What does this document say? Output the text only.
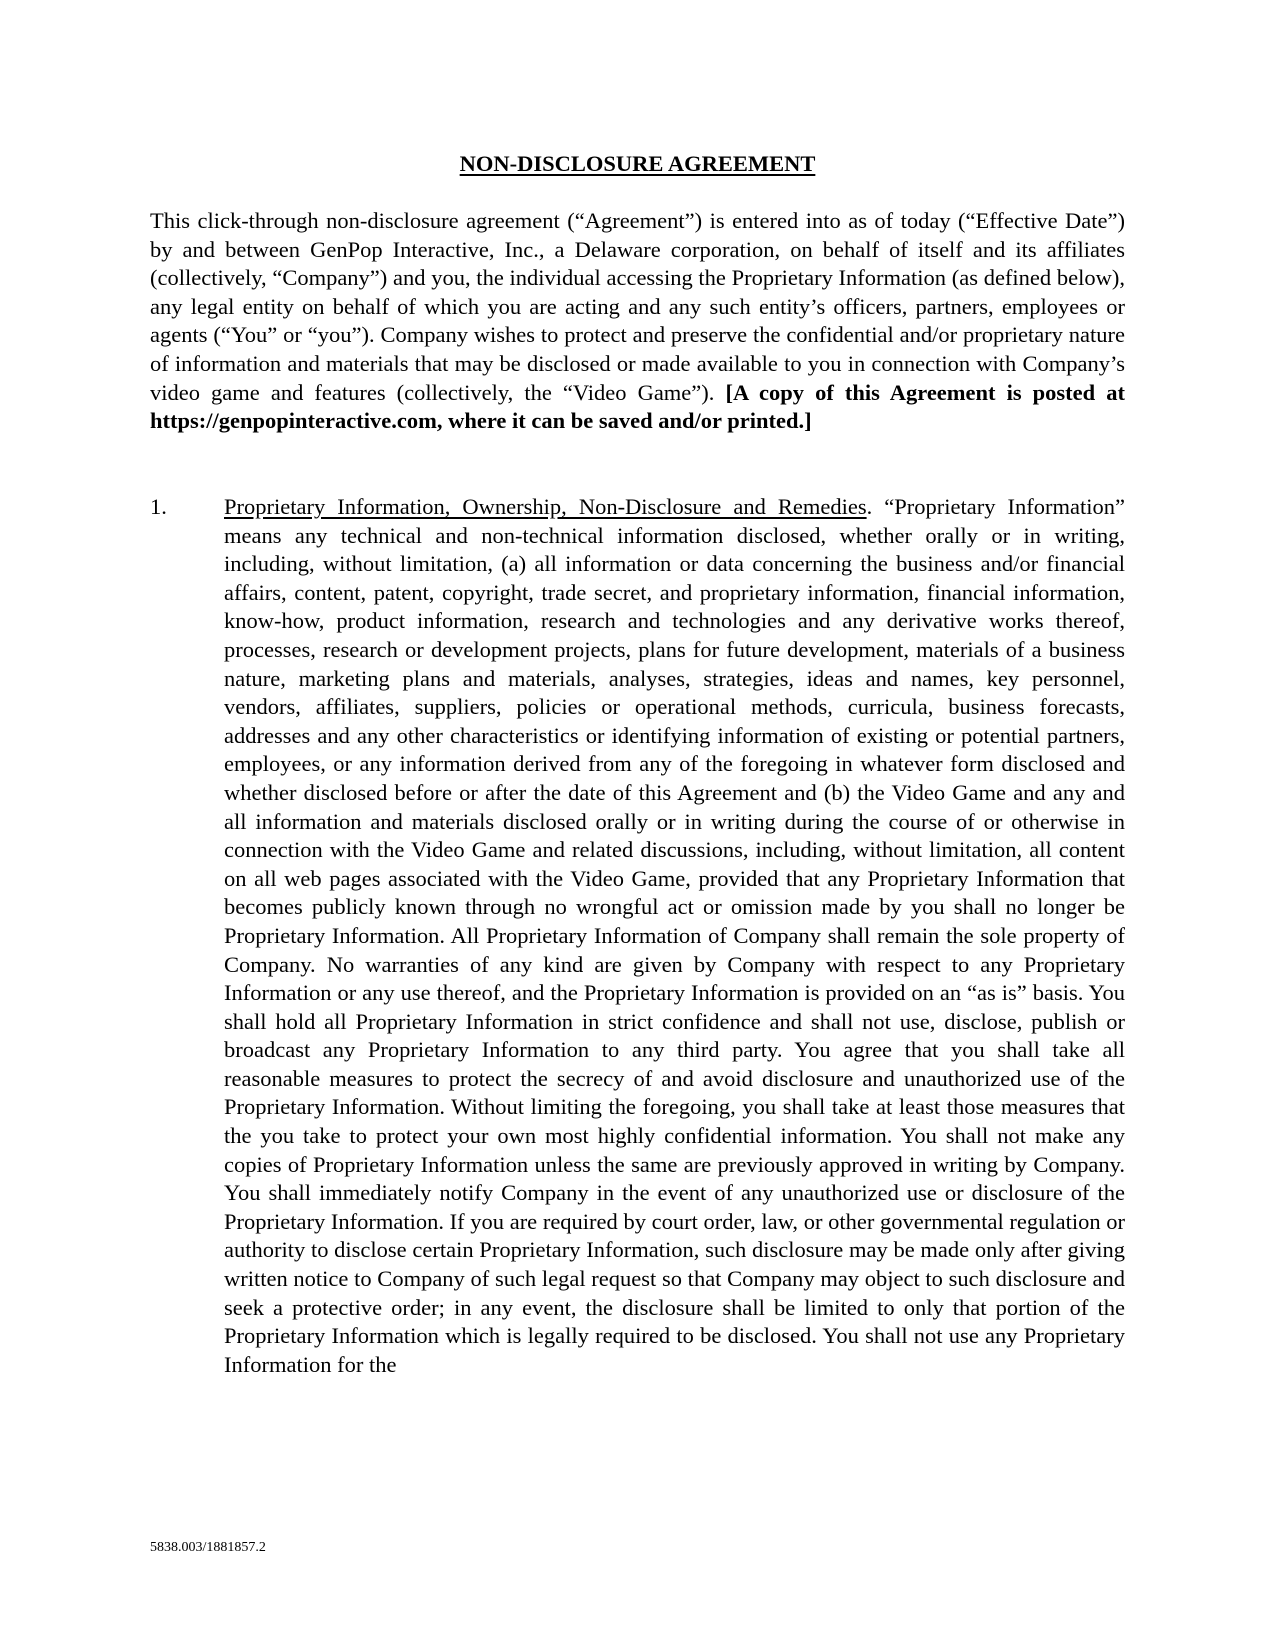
NON-DISCLOSURE AGREEMENT

This click-through non-disclosure agreement (“Agreement”) is entered into as of today (“Effective Date”) by and between GenPop Interactive, Inc., a Delaware corporation, on behalf of itself and its affiliates (collectively, “Company”) and you, the individual accessing the Proprietary Information (as defined below), any legal entity on behalf of which you are acting and any such entity’s officers, partners, employees or agents (“You” or “you”). Company wishes to protect and preserve the confidential and/or proprietary nature of information and materials that may be disclosed or made available to you in connection with Company’s video game and features (collectively, the “Video Game”). [A copy of this Agreement is posted at https://genpopinteractive.com, where it can be saved and/or printed.]

1.	Proprietary Information, Ownership, Non-Disclosure and Remedies. “Proprietary Information” means any technical and non-technical information disclosed, whether orally or in writing, including, without limitation, (a) all information or data concerning the business and/or financial affairs, content, patent, copyright, trade secret, and proprietary information, financial information, know-how, product information, research and technologies and any derivative works thereof, processes, research or development projects, plans for future development, materials of a business nature, marketing plans and materials, analyses, strategies, ideas and names, key personnel, vendors, affiliates, suppliers, policies or operational methods, curricula, business forecasts, addresses and any other characteristics or identifying information of existing or potential partners, employees, or any information derived from any of the foregoing in whatever form disclosed and whether disclosed before or after the date of this Agreement and (b) the Video Game and any and all information and materials disclosed orally or in writing during the course of or otherwise in connection with the Video Game and related discussions, including, without limitation, all content on all web pages associated with the Video Game, provided that any Proprietary Information that becomes publicly known through no wrongful act or omission made by you shall no longer be Proprietary Information. All Proprietary Information of Company shall remain the sole property of Company. No warranties of any kind are given by Company with respect to any Proprietary Information or any use thereof, and the Proprietary Information is provided on an “as is” basis. You shall hold all Proprietary Information in strict confidence and shall not use, disclose, publish or broadcast any Proprietary Information to any third party. You agree that you shall take all reasonable measures to protect the secrecy of and avoid disclosure and unauthorized use of the Proprietary Information. Without limiting the foregoing, you shall take at least those measures that the you take to protect your own most highly confidential information. You shall not make any copies of Proprietary Information unless the same are previously approved in writing by Company. You shall immediately notify Company in the event of any unauthorized use or disclosure of the Proprietary Information. If you are required by court order, law, or other governmental regulation or authority to disclose certain Proprietary Information, such disclosure may be made only after giving written notice to Company of such legal request so that Company may object to such disclosure and seek a protective order; in any event, the disclosure shall be limited to only that portion of the Proprietary Information which is legally required to be disclosed. You shall not use any Proprietary Information for the

5838.003/1881857.2
